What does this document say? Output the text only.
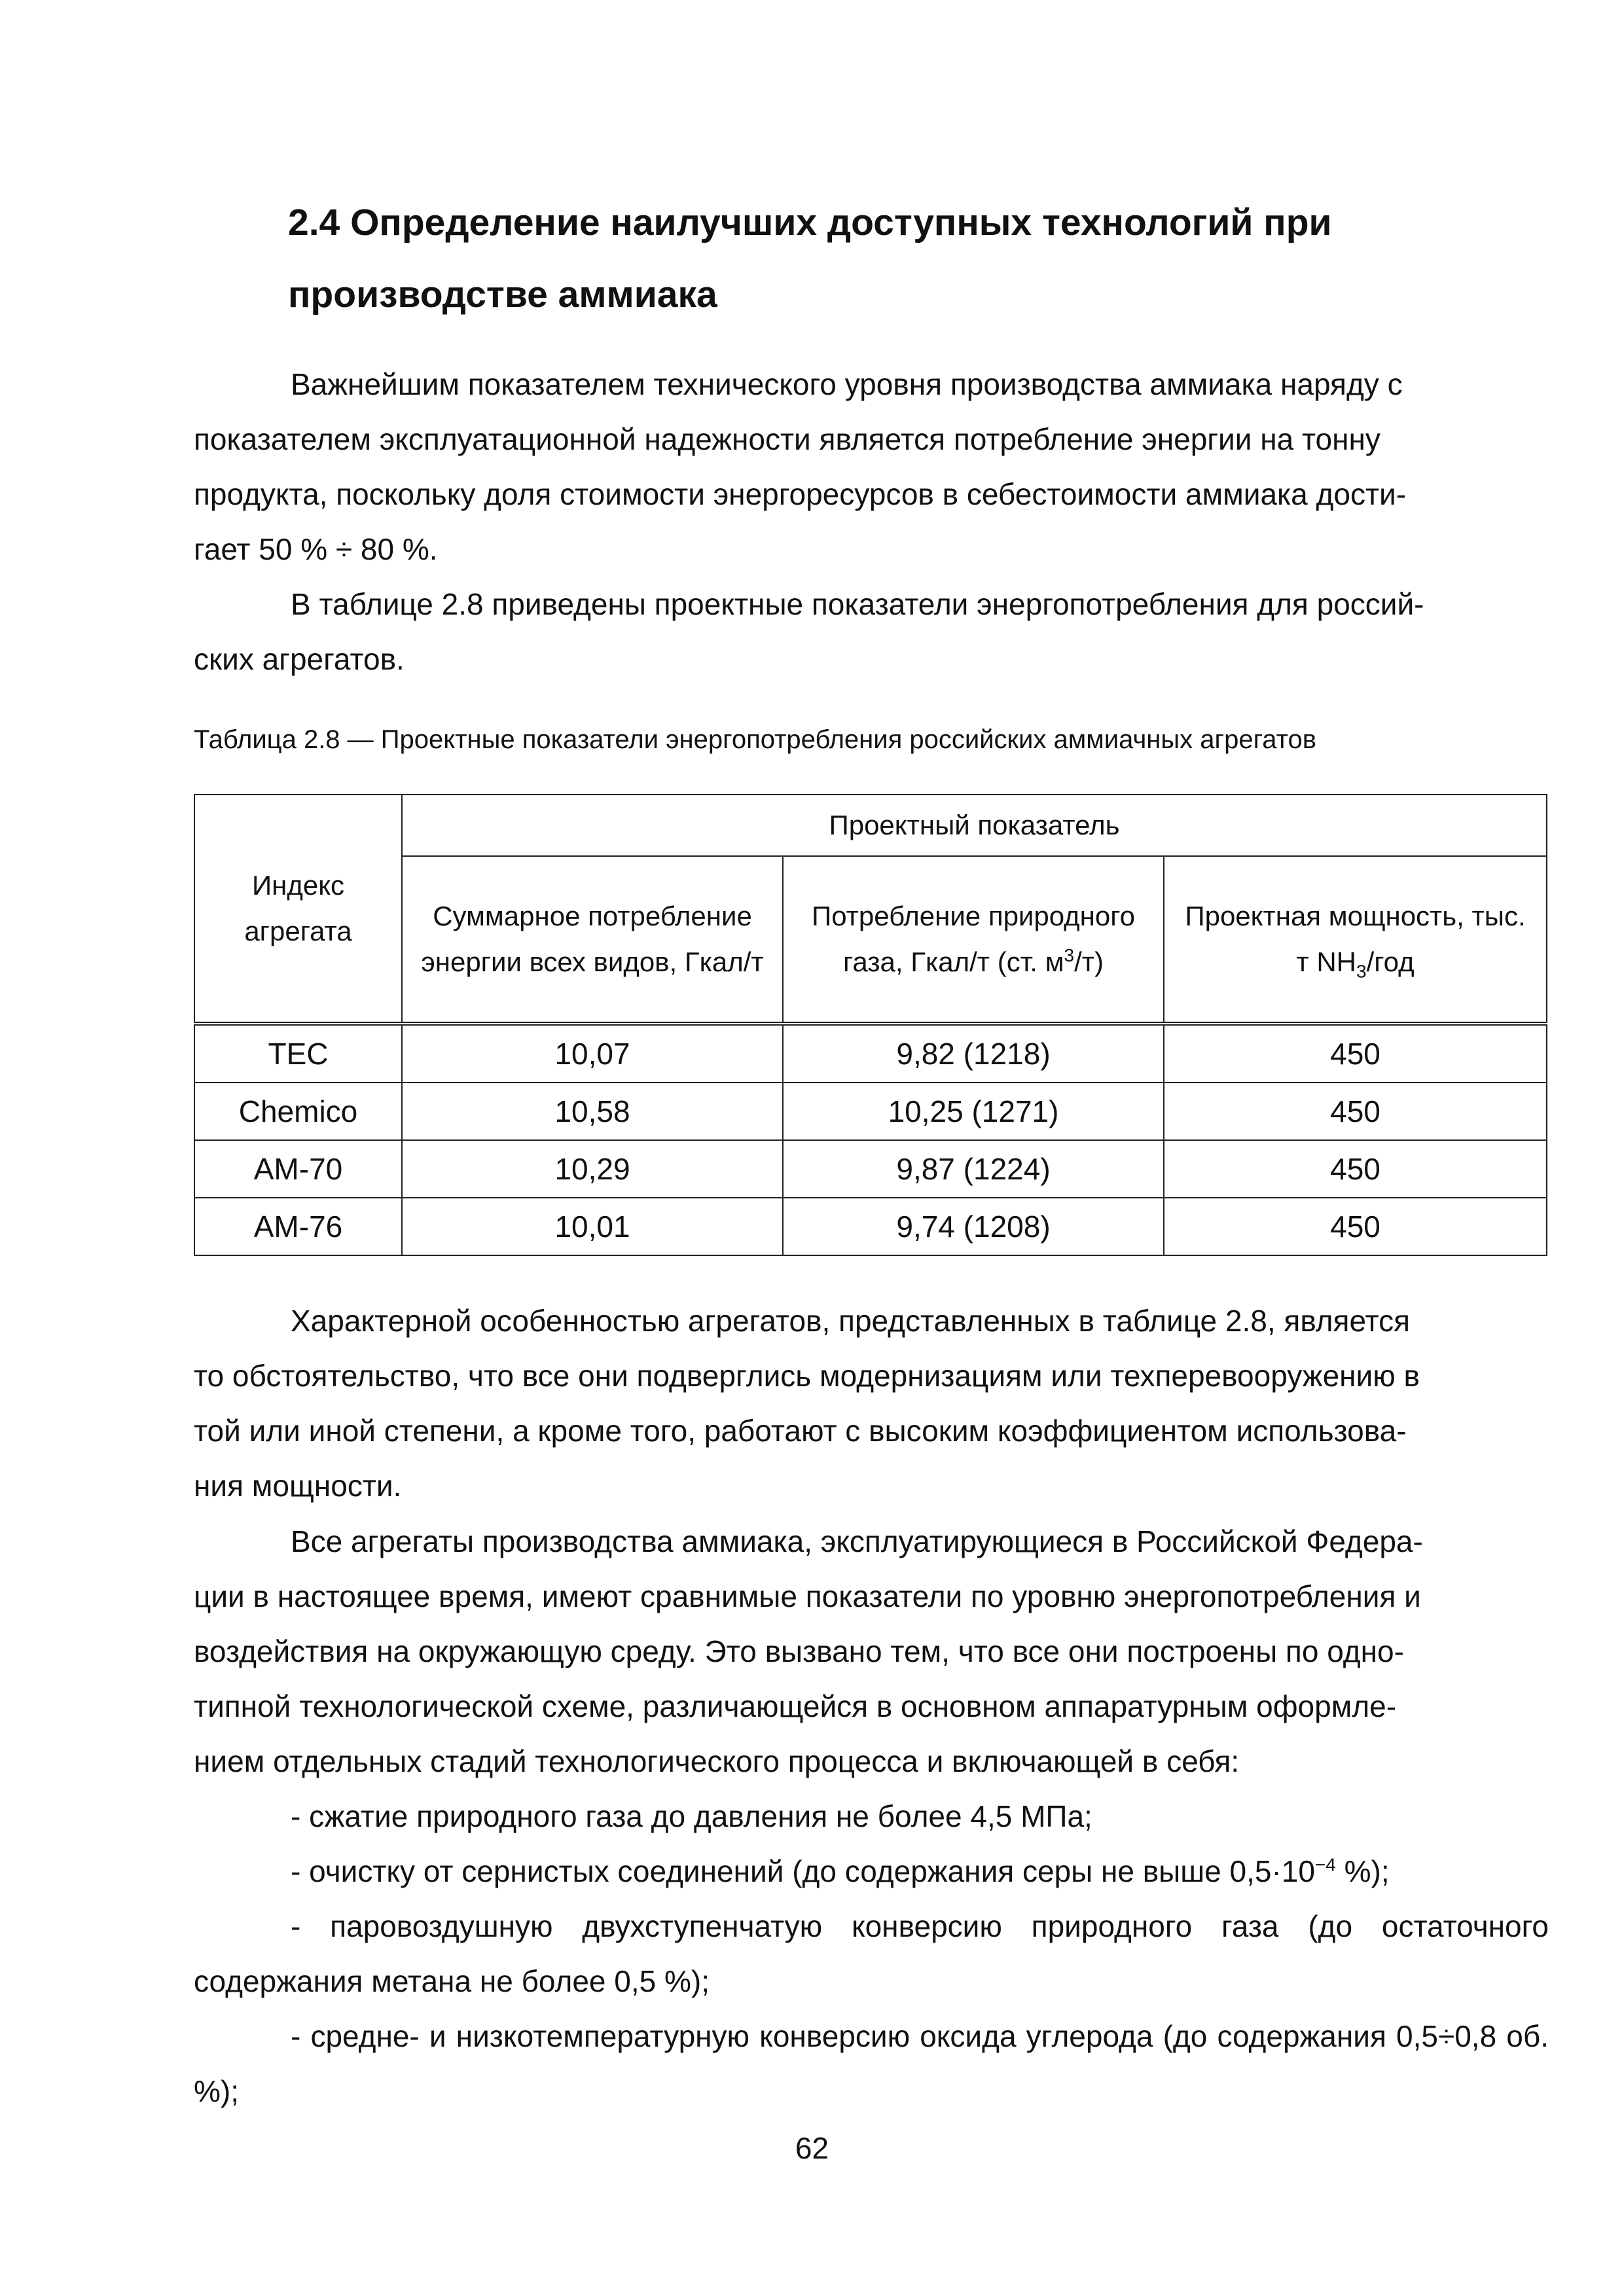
2.4 Определение наилучших доступных технологий при
производстве аммиака

Важнейшим показателем технического уровня производства аммиака наряду с
показателем эксплуатационной надежности является потребление энергии на тонну
продукта, поскольку доля стоимости энергоресурсов в себестоимости аммиака дости-
гает 50 % ÷ 80 %.

В таблице 2.8 приведены проектные показатели энергопотребления для россий-
ских агрегатов.

Таблица 2.8 — Проектные показатели энергопотребления российских аммиачных агрегатов
Индекс агрегата	Проектный показатель		
	Суммарное потребление энергии всех видов, Гкал/т	Потребление природного газа, Гкал/т (ст. $м^3/т$)	Проектная мощность, тыс. т $NH_3$/год
TEC	10,07	9,82 (1218)	450
Chemico	10,58	10,25 (1271)	450
АМ-70	10,29	9,87 (1224)	450
АМ-76	10,01	9,74 (1208)	450

Характерной особенностью агрегатов, представленных в таблице 2.8, является
то обстоятельство, что все они подверглись модернизациям или техперевооружению в
той или иной степени, а кроме того, работают с высоким коэффициентом использова-
ния мощности.

Все агрегаты производства аммиака, эксплуатирующиеся в Российской Федера-
ции в настоящее время, имеют сравнимые показатели по уровню энергопотребления и
воздействия на окружающую среду. Это вызвано тем, что все они построены по одно-
типной технологической схеме, различающейся в основном аппаратурным оформле-
нием отдельных стадий технологического процесса и включающей в себя:

- сжатие природного газа до давления не более 4,5 МПа;
- очистку от сернистых соединений (до содержания серы не выше $0,5\cdot 10^{-4}$ %);
- паровоздушную двухступенчатую конверсию природного газа (до остаточного содержания метана не более 0,5 %);
- средне- и низкотемпературную конверсию оксида углерода (до содержания 0,5÷0,8 об. %);
62
